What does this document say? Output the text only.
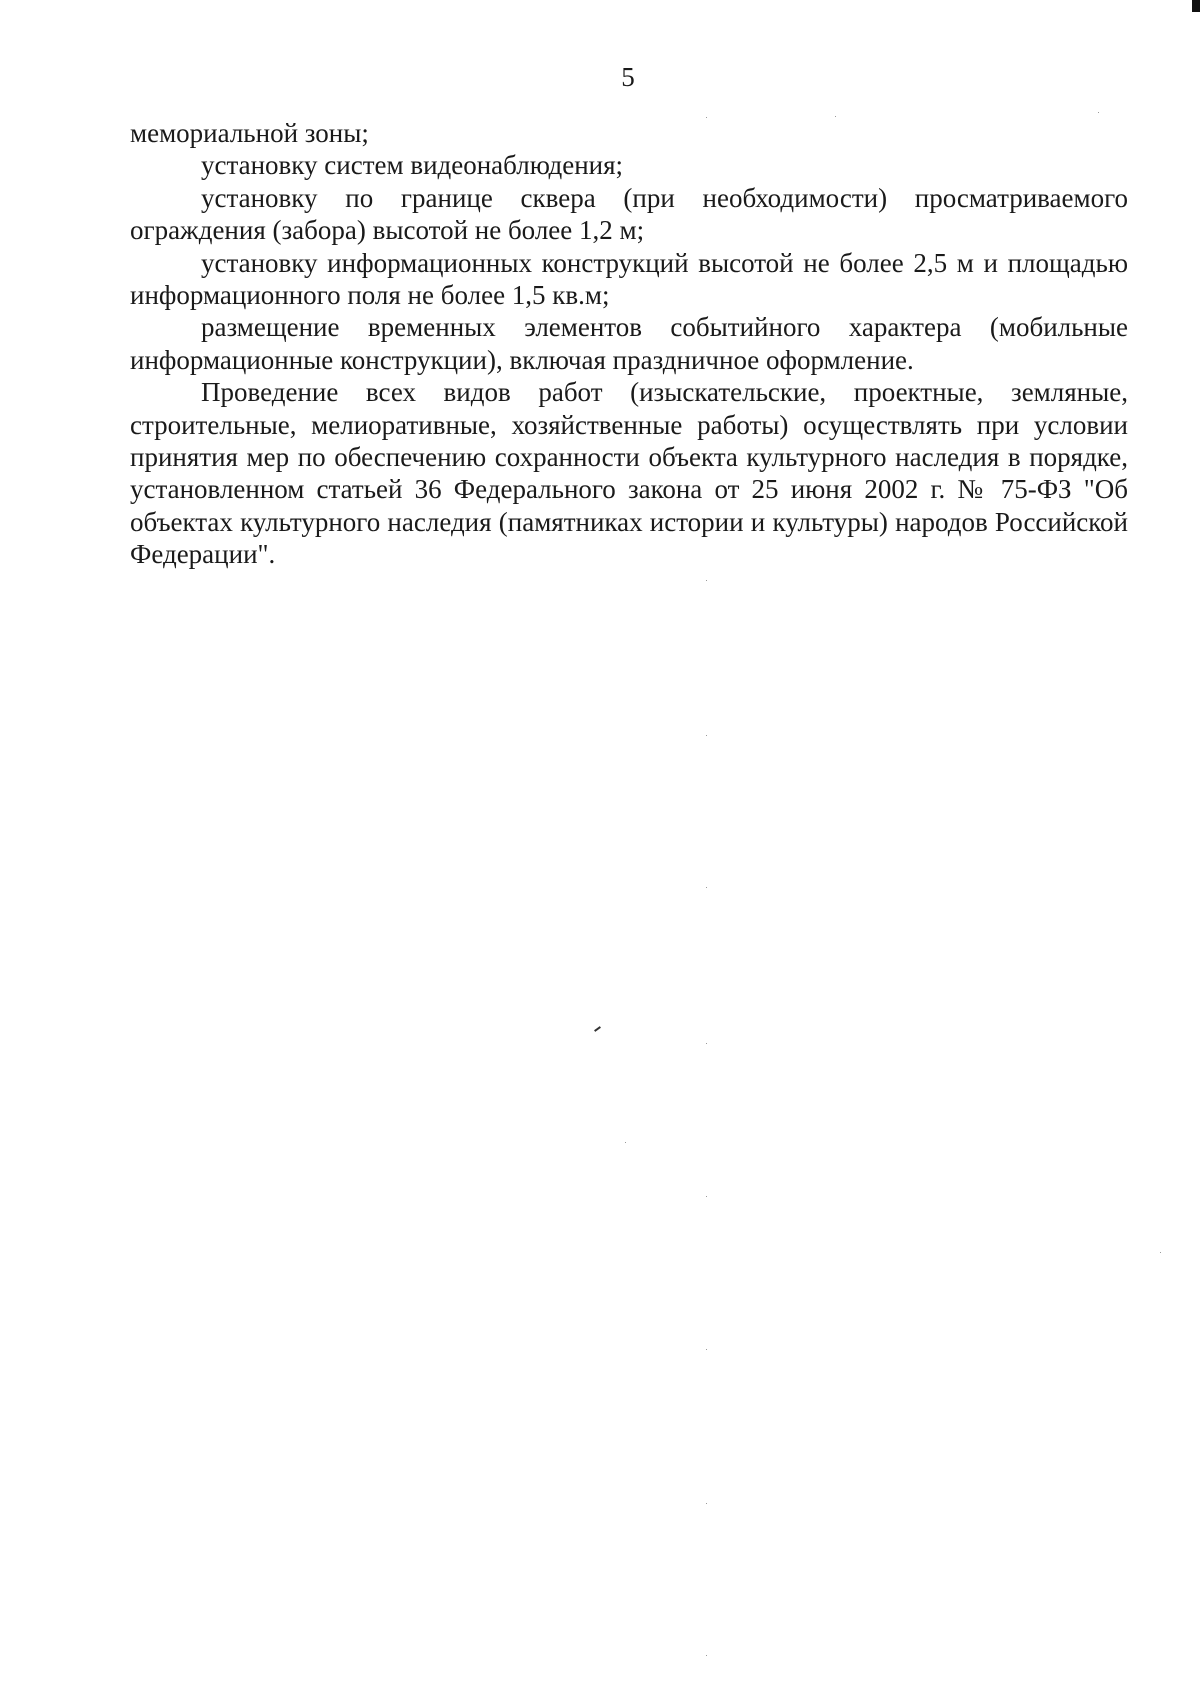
5

мемориальной зоны;

установку систем видеонаблюдения;

установку по границе сквера (при необходимости) просматриваемого ограждения (забора) высотой не более 1,2 м;

установку информационных конструкций высотой не более 2,5 м и площадью информационного поля не более 1,5 кв.м;

размещение временных элементов событийного характера (мобильные информационные конструкции), включая праздничное оформление.

Проведение всех видов работ (изыскательские, проектные, земляные, строительные, мелиоративные, хозяйственные работы) осуществлять при условии принятия мер по обеспечению сохранности объекта культурного наследия в порядке, установленном статьей 36 Федерального закона от 25 июня 2002 г. № 75-ФЗ "Об объектах культурного наследия (памятниках истории и культуры) народов Российской Федерации".
